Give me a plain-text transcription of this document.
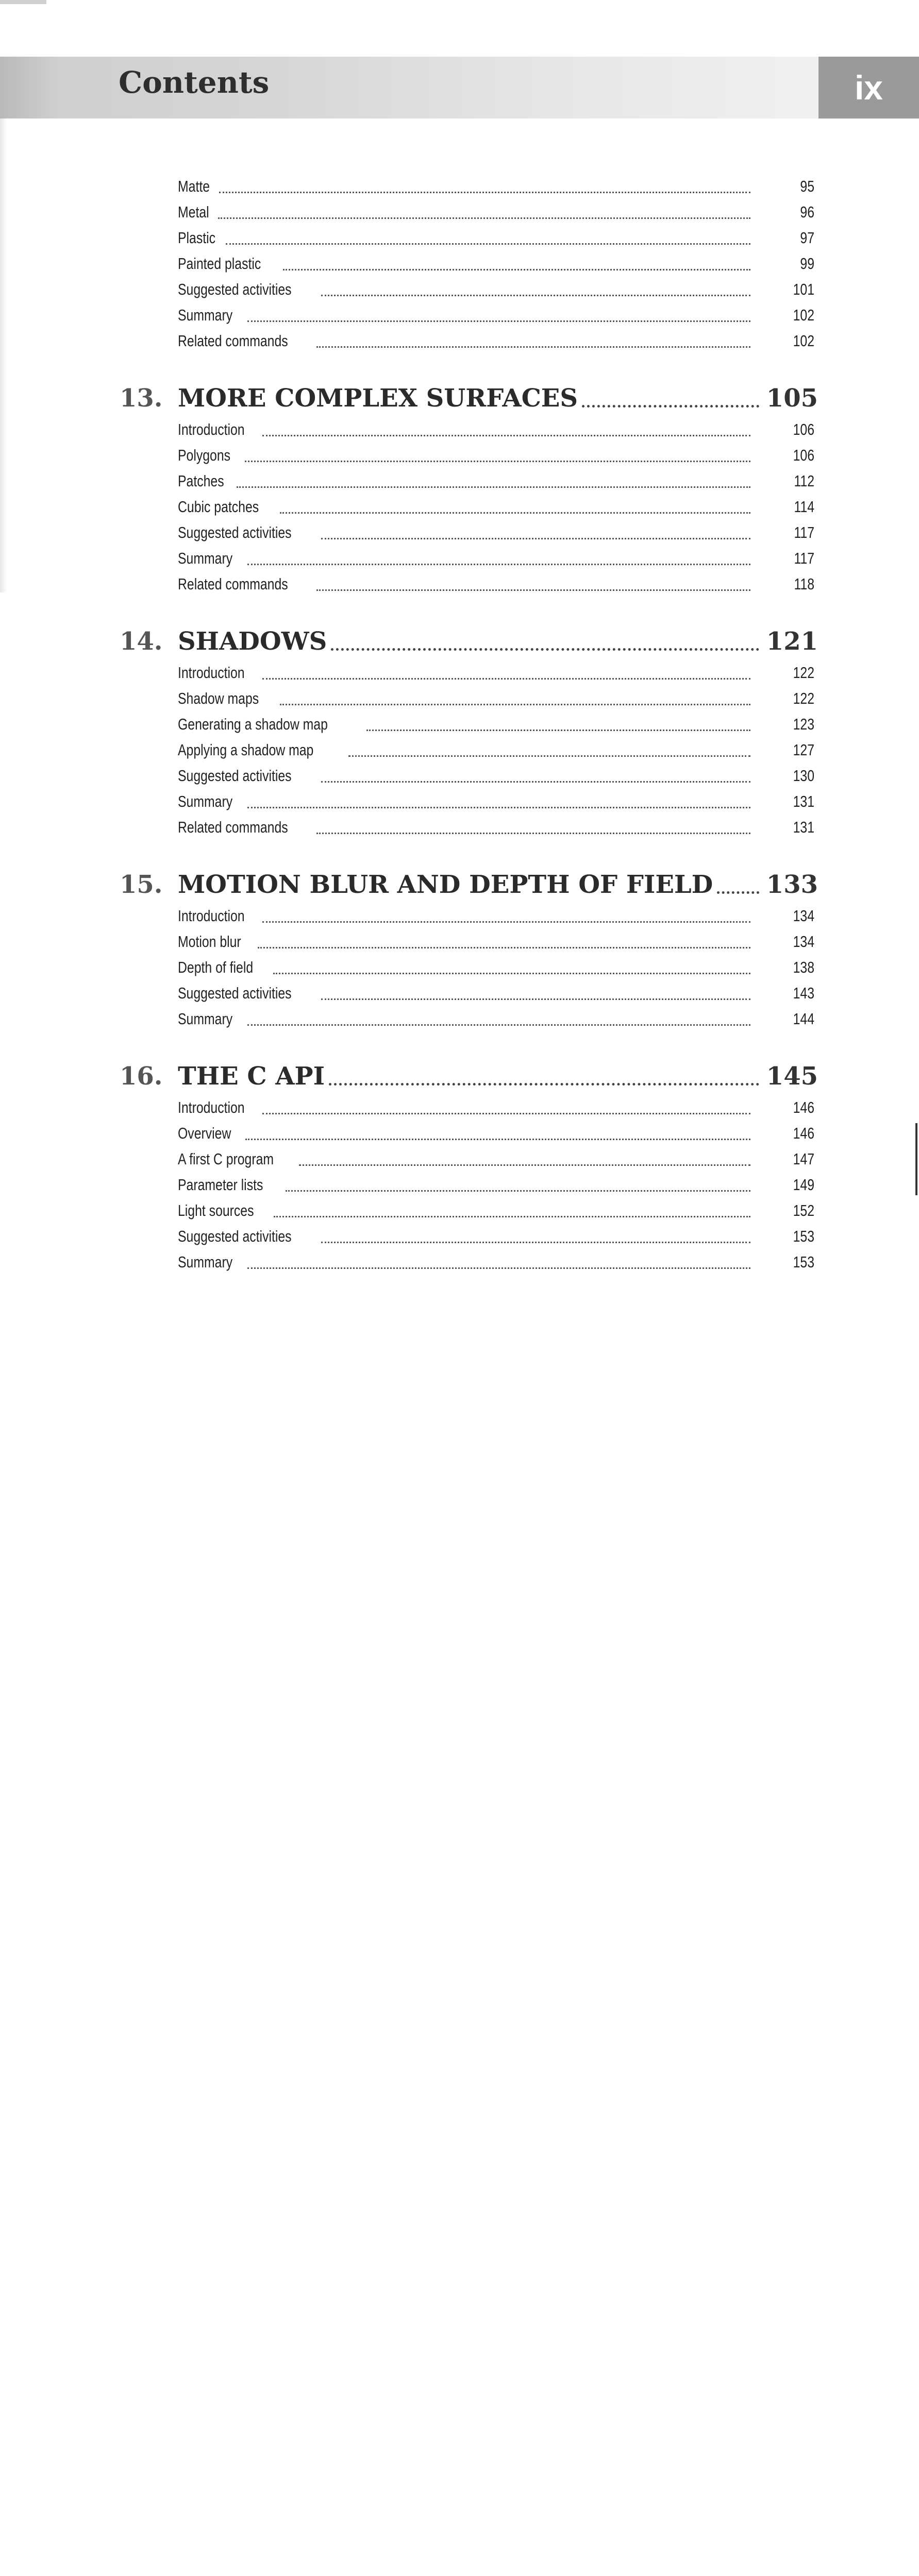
Contents	ix
Matte	95
Metal	96
Plastic	97
Painted plastic	99
Suggested activities	101
Summary	102
Related commands	102
13. MORE COMPLEX SURFACES	105
Introduction	106
Polygons	106
Patches	112
Cubic patches	114
Suggested activities	117
Summary	117
Related commands	118
14. SHADOWS	121
Introduction	122
Shadow maps	122
Generating a shadow map	123
Applying a shadow map	127
Suggested activities	130
Summary	131
Related commands	131
15. MOTION BLUR AND DEPTH OF FIELD 133
Introduction	134
Motion blur	134
Depth of field	138
Suggested activities	143
Summary	144
16. THE C API	145
Introduction	146
Overview	146
A first C program	147
Parameter lists	149
Light sources	152
Suggested activities	153
Summary	153
